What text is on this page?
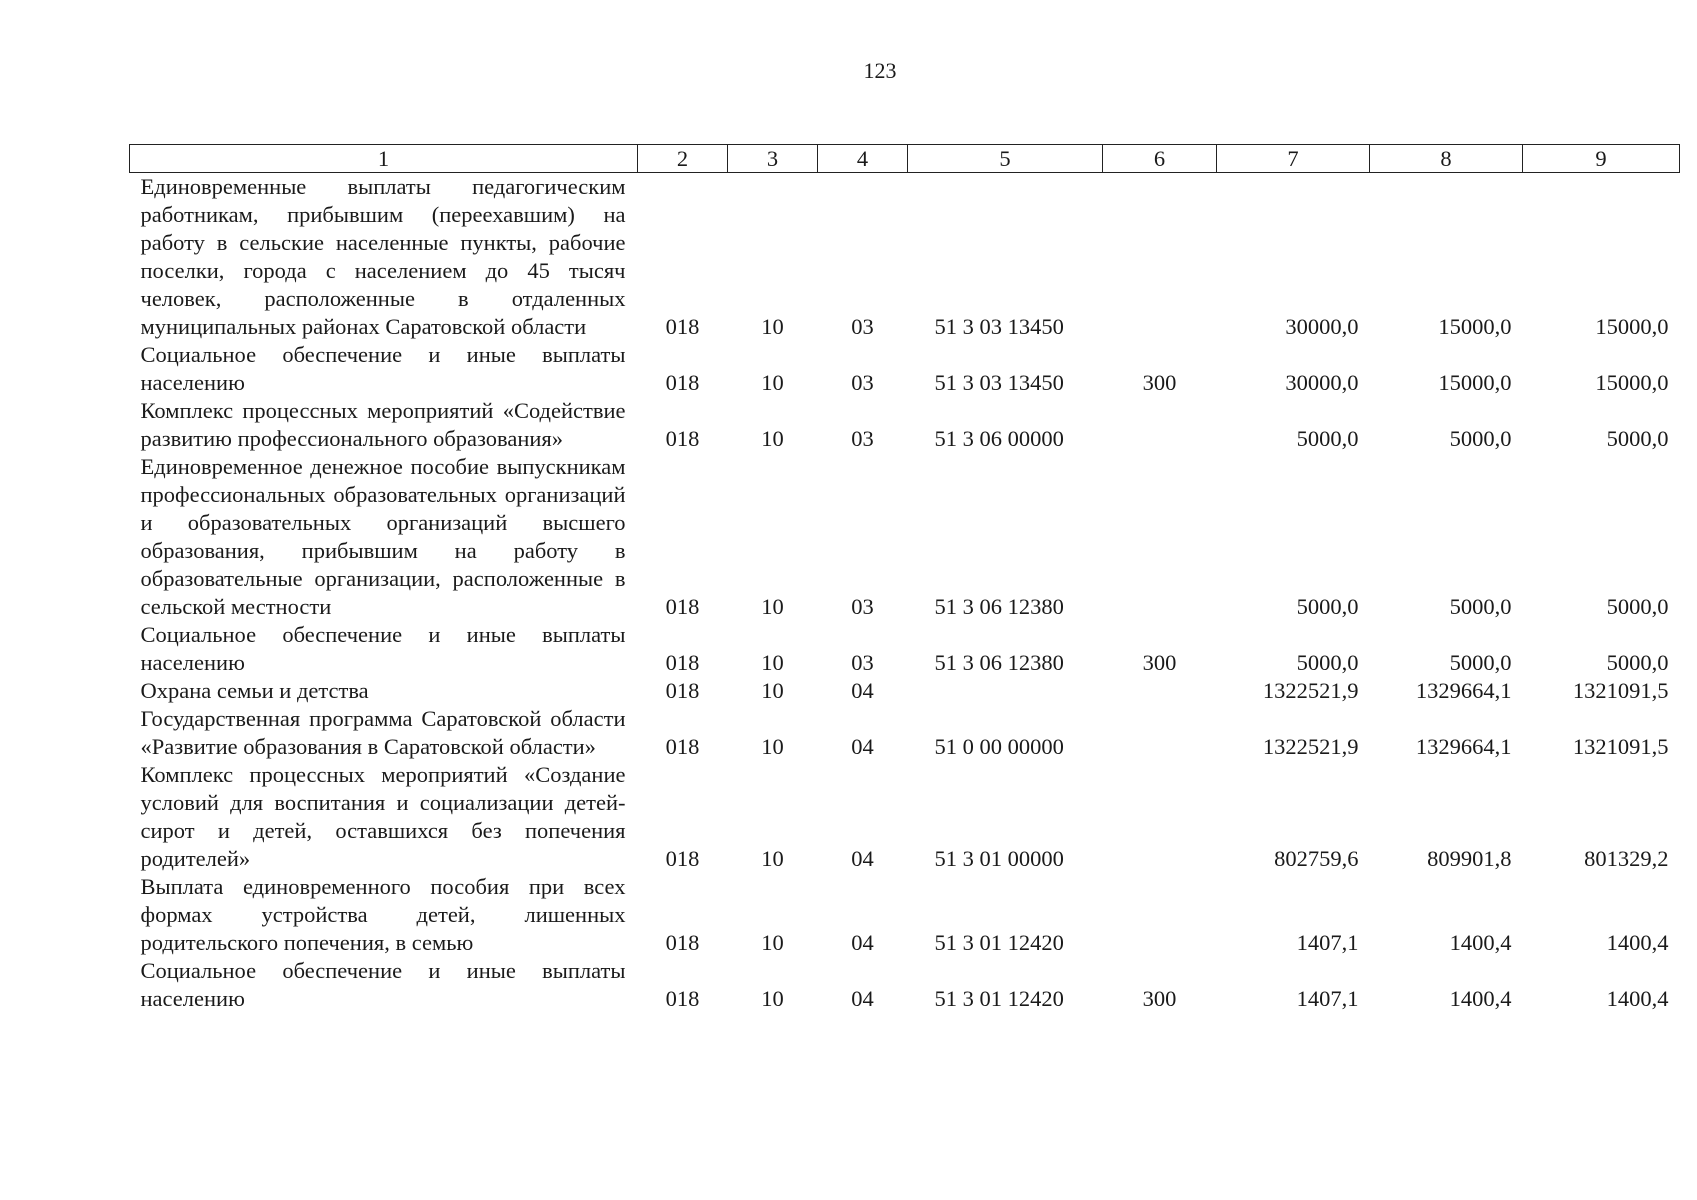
123
1	2	3	4	5	6	7	8	9
Единовременные выплаты педагогическим работникам, прибывшим (переехавшим) на работу в сельские населенные пункты, рабочие поселки, города с населением до 45 тысяч человек, расположенные в отдаленных муниципальных районах Саратовской области	018	10	03	51 3 03 13450		30000,0	15000,0	15000,0
Социальное обеспечение и иные выплаты населению	018	10	03	51 3 03 13450	300	30000,0	15000,0	15000,0
Комплекс процессных мероприятий «Содействие развитию профессионального образования»	018	10	03	51 3 06 00000		5000,0	5000,0	5000,0
Единовременное денежное пособие выпускникам профессиональных образовательных организаций и образовательных организаций высшего образования, прибывшим на работу в образовательные организации, расположенные в сельской местности	018	10	03	51 3 06 12380		5000,0	5000,0	5000,0
Социальное обеспечение и иные выплаты населению	018	10	03	51 3 06 12380	300	5000,0	5000,0	5000,0
Охрана семьи и детства	018	10	04			1322521,9	1329664,1	1321091,5
Государственная программа Саратовской области «Развитие образования в Саратовской области»	018	10	04	51 0 00 00000		1322521,9	1329664,1	1321091,5
Комплекс процессных мероприятий «Создание условий для воспитания и социализации детей-сирот и детей, оставшихся без попечения родителей»	018	10	04	51 3 01 00000		802759,6	809901,8	801329,2
Выплата единовременного пособия при всех формах устройства детей, лишенных родительского попечения, в семью	018	10	04	51 3 01 12420		1407,1	1400,4	1400,4
Социальное обеспечение и иные выплаты населению	018	10	04	51 3 01 12420	300	1407,1	1400,4	1400,4
